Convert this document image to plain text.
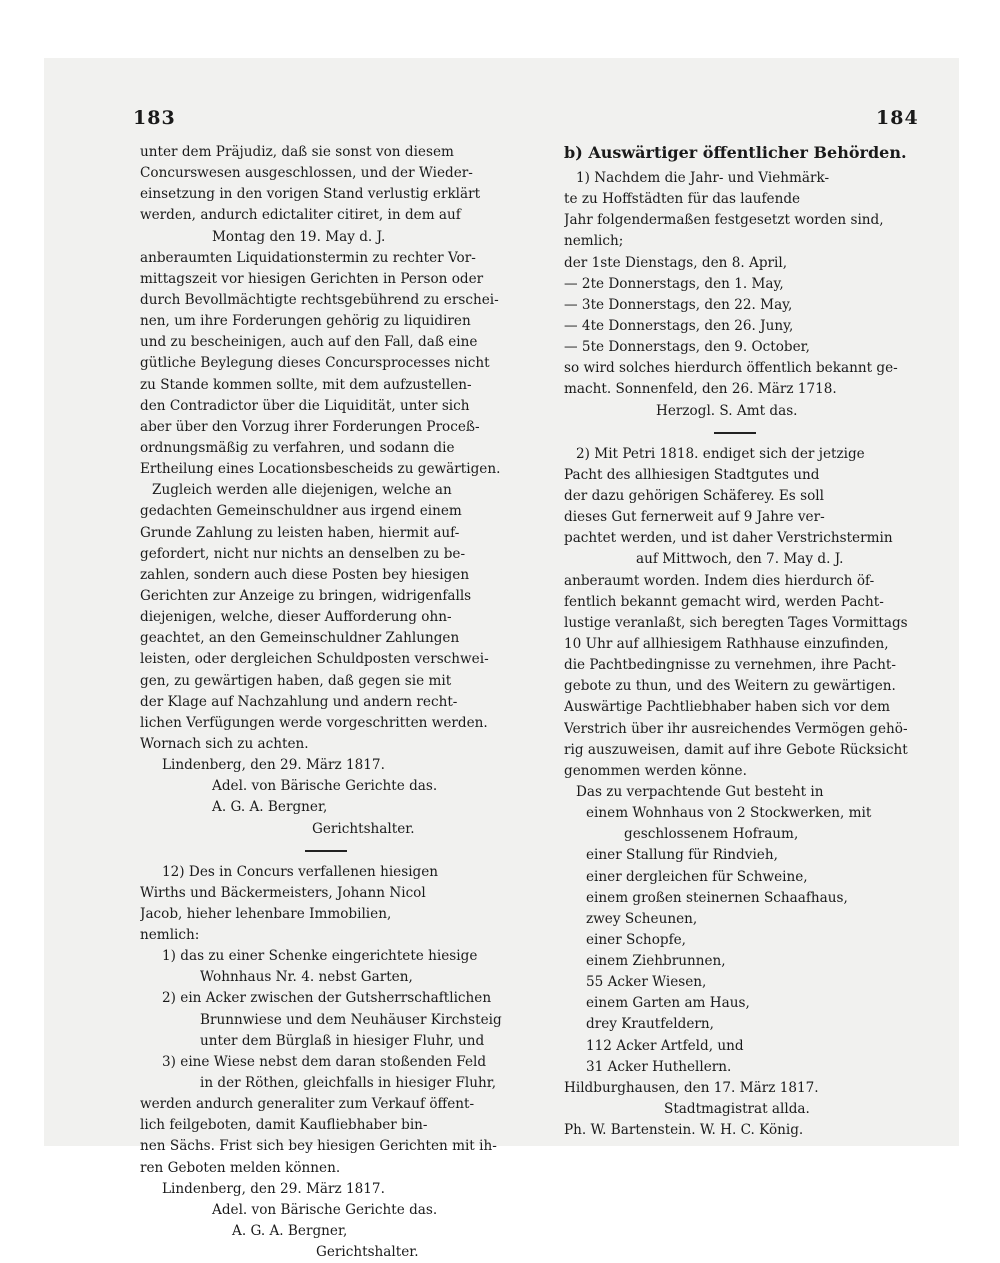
183	184
unter dem Präjudiz, daß sie sonst von diesem
Concurswesen ausgeschlossen, und der Wieder-
einsetzung in den vorigen Stand verlustig erklärt
werden, andurch edictaliter citiret, in dem auf
Montag den 19. May d. J.
anberaumten Liquidationstermin zu rechter Vor-
mittagszeit vor hiesigen Gerichten in Person oder
durch Bevollmächtigte rechtsgebührend zu erschei-
nen, um ihre Forderungen gehörig zu liquidiren
und zu bescheinigen, auch auf den Fall, daß eine
gütliche Beylegung dieses Concursprocesses nicht
zu Stande kommen sollte, mit dem aufzustellen-
den Contradictor über die Liquidität, unter sich
aber über den Vorzug ihrer Forderungen Proceß-
ordnungsmäßig zu verfahren, und sodann die
Ertheilung eines Locationsbescheids zu gewärtigen.
Zugleich werden alle diejenigen, welche an
gedachten Gemeinschuldner aus irgend einem
Grunde Zahlung zu leisten haben, hiermit auf-
gefordert, nicht nur nichts an denselben zu be-
zahlen, sondern auch diese Posten bey hiesigen
Gerichten zur Anzeige zu bringen, widrigenfalls
diejenigen, welche, dieser Aufforderung ohn-
geachtet, an den Gemeinschuldner Zahlungen
leisten, oder dergleichen Schuldposten verschwei-
gen, zu gewärtigen haben, daß gegen sie mit
der Klage auf Nachzahlung und andern recht-
lichen Verfügungen werde vorgeschritten werden.
Wornach sich zu achten.
Lindenberg, den 29. März 1817.
Adel. von Bärische Gerichte das.
A. G. A. Bergner,
Gerichtshalter.
12) Des in Concurs verfallenen hiesigen
Wirths und Bäckermeisters, Johann Nicol
Jacob, hieher lehenbare Immobilien,
nemlich:
1) das zu einer Schenke eingerichtete hiesige
Wohnhaus Nr. 4. nebst Garten,
2) ein Acker zwischen der Gutsherrschaftlichen
Brunnwiese und dem Neuhäuser Kirchsteig
unter dem Bürglaß in hiesiger Fluhr, und
3) eine Wiese nebst dem daran stoßenden Feld
in der Röthen, gleichfalls in hiesiger Fluhr,
werden andurch generaliter zum Verkauf öffent-
lich feilgeboten, damit Kaufliebhaber bin-
nen Sächs. Frist sich bey hiesigen Gerichten mit ih-
ren Geboten melden können.
Lindenberg, den 29. März 1817.
Adel. von Bärische Gerichte das.
A. G. A. Bergner,
Gerichtshalter.
b) Auswärtiger öffentlicher Behörden.
1) Nachdem die Jahr- und Viehmärk-
te zu Hoffstädten für das laufende
Jahr folgendermaßen festgesetzt worden sind,
nemlich;
der 1ste Dienstags, den 8. April,
— 2te Donnerstags, den 1. May,
— 3te Donnerstags, den 22. May,
— 4te Donnerstags, den 26. Juny,
— 5te Donnerstags, den 9. October,
so wird solches hierdurch öffentlich bekannt ge-
macht. Sonnenfeld, den 26. März 1718.
Herzogl. S. Amt das.
2) Mit Petri 1818. endiget sich der jetzige
Pacht des allhiesigen Stadtgutes und
der dazu gehörigen Schäferey. Es soll
dieses Gut fernerweit auf 9 Jahre ver-
pachtet werden, und ist daher Verstrichstermin
auf Mittwoch, den 7. May d. J.
anberaumt worden. Indem dies hierdurch öf-
fentlich bekannt gemacht wird, werden Pacht-
lustige veranlaßt, sich beregten Tages Vormittags
10 Uhr auf allhiesigem Rathhause einzufinden,
die Pachtbedingnisse zu vernehmen, ihre Pacht-
gebote zu thun, und des Weitern zu gewärtigen.
Auswärtige Pachtliebhaber haben sich vor dem
Verstrich über ihr ausreichendes Vermögen gehö-
rig auszuweisen, damit auf ihre Gebote Rücksicht
genommen werden könne.
Das zu verpachtende Gut besteht in
einem Wohnhaus von 2 Stockwerken, mit
geschlossenem Hofraum,
einer Stallung für Rindvieh,
einer dergleichen für Schweine,
einem großen steinernen Schaafhaus,
zwey Scheunen,
einer Schopfe,
einem Ziehbrunnen,
55 Acker Wiesen,
einem Garten am Haus,
drey Krautfeldern,
112 Acker Artfeld, und
31 Acker Huthellern.
Hildburghausen, den 17. März 1817.
Stadtmagistrat allda.
Ph. W. Bartenstein. W. H. C. König.
